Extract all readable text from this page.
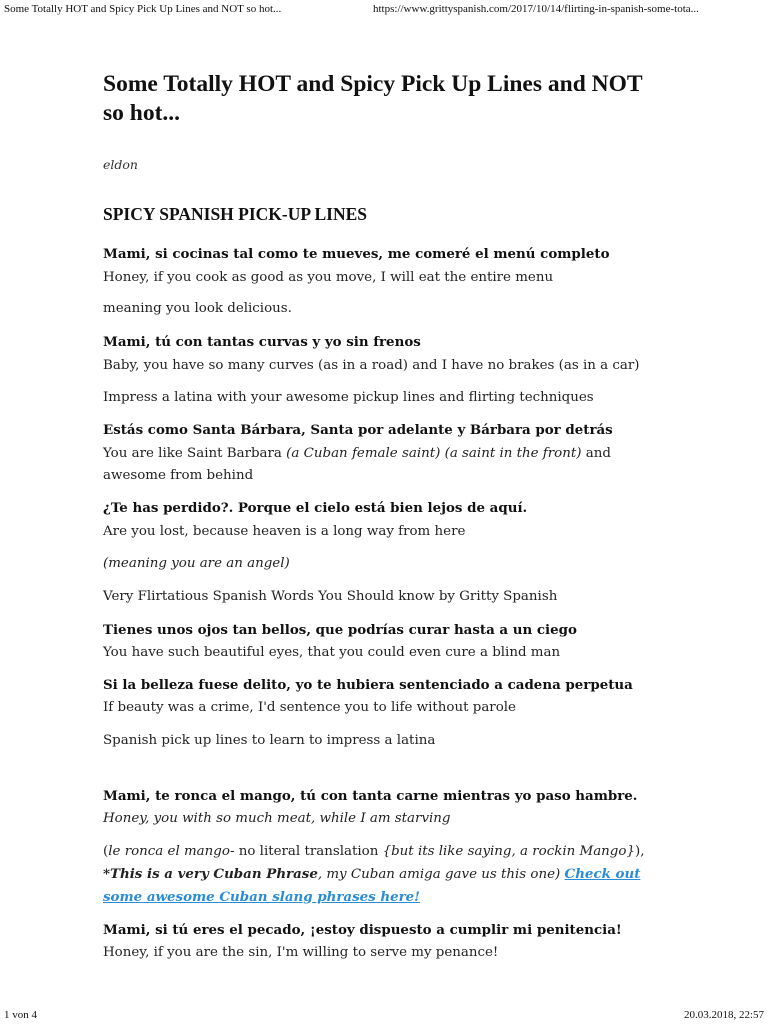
Some Totally HOT and Spicy Pick Up Lines and NOT so hot...	https://www.grittyspanish.com/2017/10/14/flirting-in-spanish-some-tota...
Some Totally HOT and Spicy Pick Up Lines and NOT so hot...

eldon

SPICY SPANISH PICK-UP LINES

Mami, si cocinas tal como te mueves, me comeré el menú completo

Honey, if you cook as good as you move, I will eat the entire menu

meaning you look delicious.

Mami, tú con tantas curvas y yo sin frenos

Baby, you have so many curves (as in a road) and I have no brakes (as in a car)

Impress a latina with your awesome pickup lines and flirting techniques

Estás como Santa Bárbara, Santa por adelante y Bárbara por detrás

You are like Saint Barbara (a Cuban female saint) (a saint in the front) and awesome from behind

¿Te has perdido?. Porque el cielo está bien lejos de aquí.

Are you lost, because heaven is a long way from here

(meaning you are an angel)

Very Flirtatious Spanish Words You Should know by Gritty Spanish

Tienes unos ojos tan bellos, que podrías curar hasta a un ciego

You have such beautiful eyes, that you could even cure a blind man

Si la belleza fuese delito, yo te hubiera sentenciado a cadena perpetua

If beauty was a crime, I'd sentence you to life without parole

Spanish pick up lines to learn to impress a latina

Mami, te ronca el mango, tú con tanta carne mientras yo paso hambre.

Honey, you with so much meat, while I am starving

(le ronca el mango- no literal translation {but its like saying, a rockin Mango}),
*This is a very Cuban Phrase, my Cuban amiga gave us this one) Check out some awesome Cuban slang phrases here!

Mami, si tú eres el pecado, ¡estoy dispuesto a cumplir mi penitencia!

Honey, if you are the sin, I'm willing to serve my penance!

1 von 4	20.03.2018, 22:57
